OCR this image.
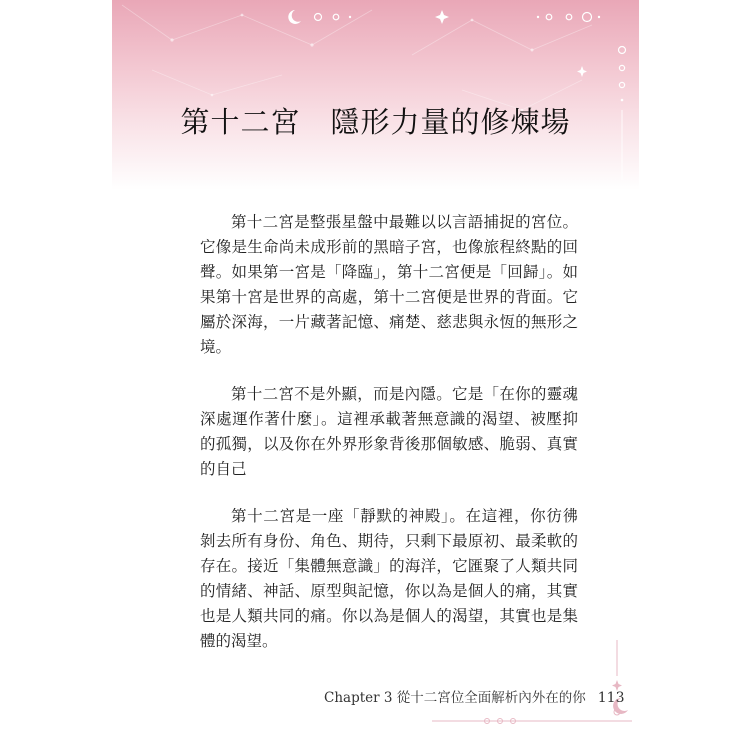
第十二宮　隱形力量的修煉場

第十二宮是整張星盤中最難以以言語捕捉的宮位。它像是生命尚未成形前的黑暗子宮，也像旅程終點的回聲。如果第一宮是「降臨」，第十二宮便是「回歸」。如果第十宮是世界的高處，第十二宮便是世界的背面。它屬於深海，一片藏著記憶、痛楚、慈悲與永恆的無形之境。

第十二宮不是外顯，而是內隱。它是「在你的靈魂深處運作著什麼」。這裡承載著無意識的渴望、被壓抑的孤獨，以及你在外界形象背後那個敏感、脆弱、真實的自己

第十二宮是一座「靜默的神殿」。在這裡，你彷彿剝去所有身份、角色、期待，只剩下最原初、最柔軟的存在。接近「集體無意識」的海洋，它匯聚了人類共同的情緒、神話、原型與記憶，你以為是個人的痛，其實也是人類共同的痛。你以為是個人的渴望，其實也是集體的渴望。

Chapter 3 從十二宮位全面解析內外在的你 113
